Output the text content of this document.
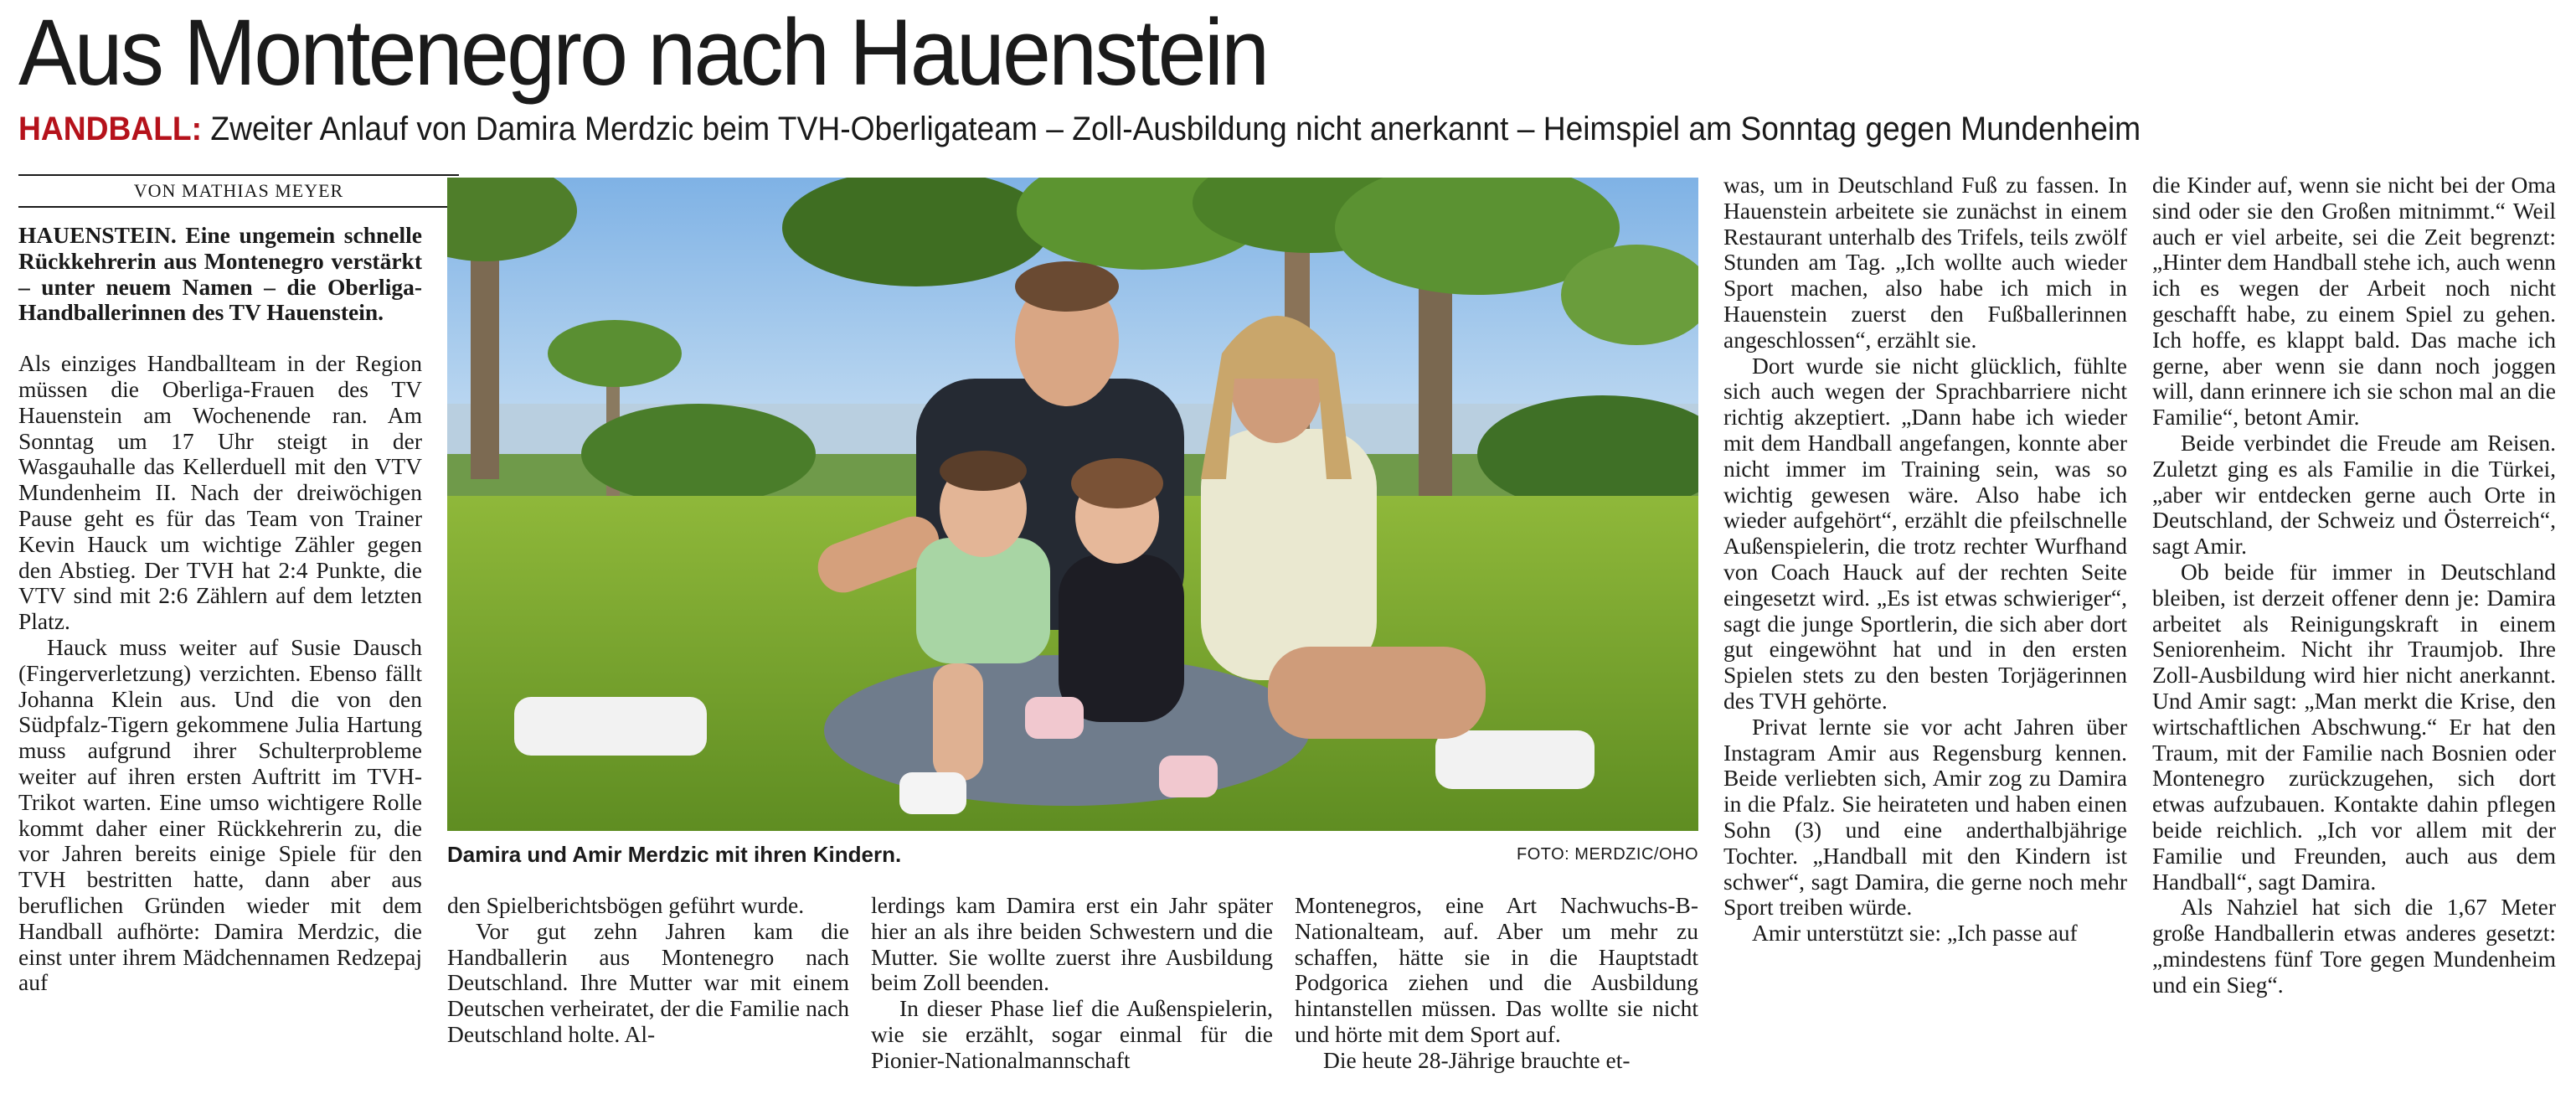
Aus Montenegro nach Hauenstein
HANDBALL: Zweiter Anlauf von Damira Merdzic beim TVH-Oberligateam – Zoll-Ausbildung nicht anerkannt – Heimspiel am Sonntag gegen Mundenheim
VON MATHIAS MEYER

HAUENSTEIN. Eine ungemein schnelle Rückkehrerin aus Montenegro verstärkt – unter neuem Namen – die Oberliga-Handballerinnen des TV Hauenstein.

Als einziges Handballteam in der Region müssen die Oberliga-Frauen des TV Hauenstein am Wochenende ran. Am Sonntag um 17 Uhr steigt in der Wasgauhalle das Kellerduell mit den VTV Mundenheim II. Nach der dreiwöchigen Pause geht es für das Team von Trainer Kevin Hauck um wichtige Zähler gegen den Abstieg. Der TVH hat 2:4 Punkte, die VTV sind mit 2:6 Zählern auf dem letzten Platz.

Hauck muss weiter auf Susie Dausch (Fingerverletzung) verzichten. Ebenso fällt Johanna Klein aus. Und die von den Südpfalz-Tigern gekommene Julia Hartung muss aufgrund ihrer Schulterprobleme weiter auf ihren ersten Auftritt im TVH-Trikot warten. Eine umso wichtigere Rolle kommt daher einer Rückkehrerin zu, die vor Jahren bereits einige Spiele für den TVH bestritten hatte, dann aber aus beruflichen Gründen wieder mit dem Handball aufhörte: Damira Merdzic, die einst unter ihrem Mädchennamen Redzepaj auf

Damira und Amir Merdzic mit ihren Kindern.	FOTO: MERDZIC/OHO

den Spielberichtsbögen geführt wurde.

Vor gut zehn Jahren kam die Handballerin aus Montenegro nach Deutschland. Ihre Mutter war mit einem Deutschen verheiratet, der die Familie nach Deutschland holte. Al-

lerdings kam Damira erst ein Jahr später hier an als ihre beiden Schwestern und die Mutter. Sie wollte zuerst ihre Ausbildung beim Zoll beenden.

In dieser Phase lief die Außenspielerin, wie sie erzählt, sogar einmal für die Pionier-Nationalmannschaft

Montenegros, eine Art Nachwuchs-B-Nationalteam, auf. Aber um mehr zu schaffen, hätte sie in die Hauptstadt Podgorica ziehen und die Ausbildung hintanstellen müssen. Das wollte sie nicht und hörte mit dem Sport auf.

Die heute 28-Jährige brauchte et-

was, um in Deutschland Fuß zu fassen. In Hauenstein arbeitete sie zunächst in einem Restaurant unterhalb des Trifels, teils zwölf Stunden am Tag. „Ich wollte auch wieder Sport machen, also habe ich mich in Hauenstein zuerst den Fußballerinnen angeschlossen“, erzählt sie.

Dort wurde sie nicht glücklich, fühlte sich auch wegen der Sprachbarriere nicht richtig akzeptiert. „Dann habe ich wieder mit dem Handball angefangen, konnte aber nicht immer im Training sein, was so wichtig gewesen wäre. Also habe ich wieder aufgehört“, erzählt die pfeilschnelle Außenspielerin, die trotz rechter Wurfhand von Coach Hauck auf der rechten Seite eingesetzt wird. „Es ist etwas schwieriger“, sagt die junge Sportlerin, die sich aber dort gut eingewöhnt hat und in den ersten Spielen stets zu den besten Torjägerinnen des TVH gehörte.

Privat lernte sie vor acht Jahren über Instagram Amir aus Regensburg kennen. Beide verliebten sich, Amir zog zu Damira in die Pfalz. Sie heirateten und haben einen Sohn (3) und eine anderthalbjährige Tochter. „Handball mit den Kindern ist schwer“, sagt Damira, die gerne noch mehr Sport treiben würde.

Amir unterstützt sie: „Ich passe auf

die Kinder auf, wenn sie nicht bei der Oma sind oder sie den Großen mitnimmt.“ Weil auch er viel arbeite, sei die Zeit begrenzt: „Hinter dem Handball stehe ich, auch wenn ich es wegen der Arbeit noch nicht geschafft habe, zu einem Spiel zu gehen. Ich hoffe, es klappt bald. Das mache ich gerne, aber wenn sie dann noch joggen will, dann erinnere ich sie schon mal an die Familie“, betont Amir.

Beide verbindet die Freude am Reisen. Zuletzt ging es als Familie in die Türkei, „aber wir entdecken gerne auch Orte in Deutschland, der Schweiz und Österreich“, sagt Amir.

Ob beide für immer in Deutschland bleiben, ist derzeit offener denn je: Damira arbeitet als Reinigungskraft in einem Seniorenheim. Nicht ihr Traumjob. Ihre Zoll-Ausbildung wird hier nicht anerkannt. Und Amir sagt: „Man merkt die Krise, den wirtschaftlichen Abschwung.“ Er hat den Traum, mit der Familie nach Bosnien oder Montenegro zurückzugehen, sich dort etwas aufzubauen. Kontakte dahin pflegen beide reichlich. „Ich vor allem mit der Familie und Freunden, auch aus dem Handball“, sagt Damira.

Als Nahziel hat sich die 1,67 Meter große Handballerin etwas anderes gesetzt: „mindestens fünf Tore gegen Mundenheim und ein Sieg“.
